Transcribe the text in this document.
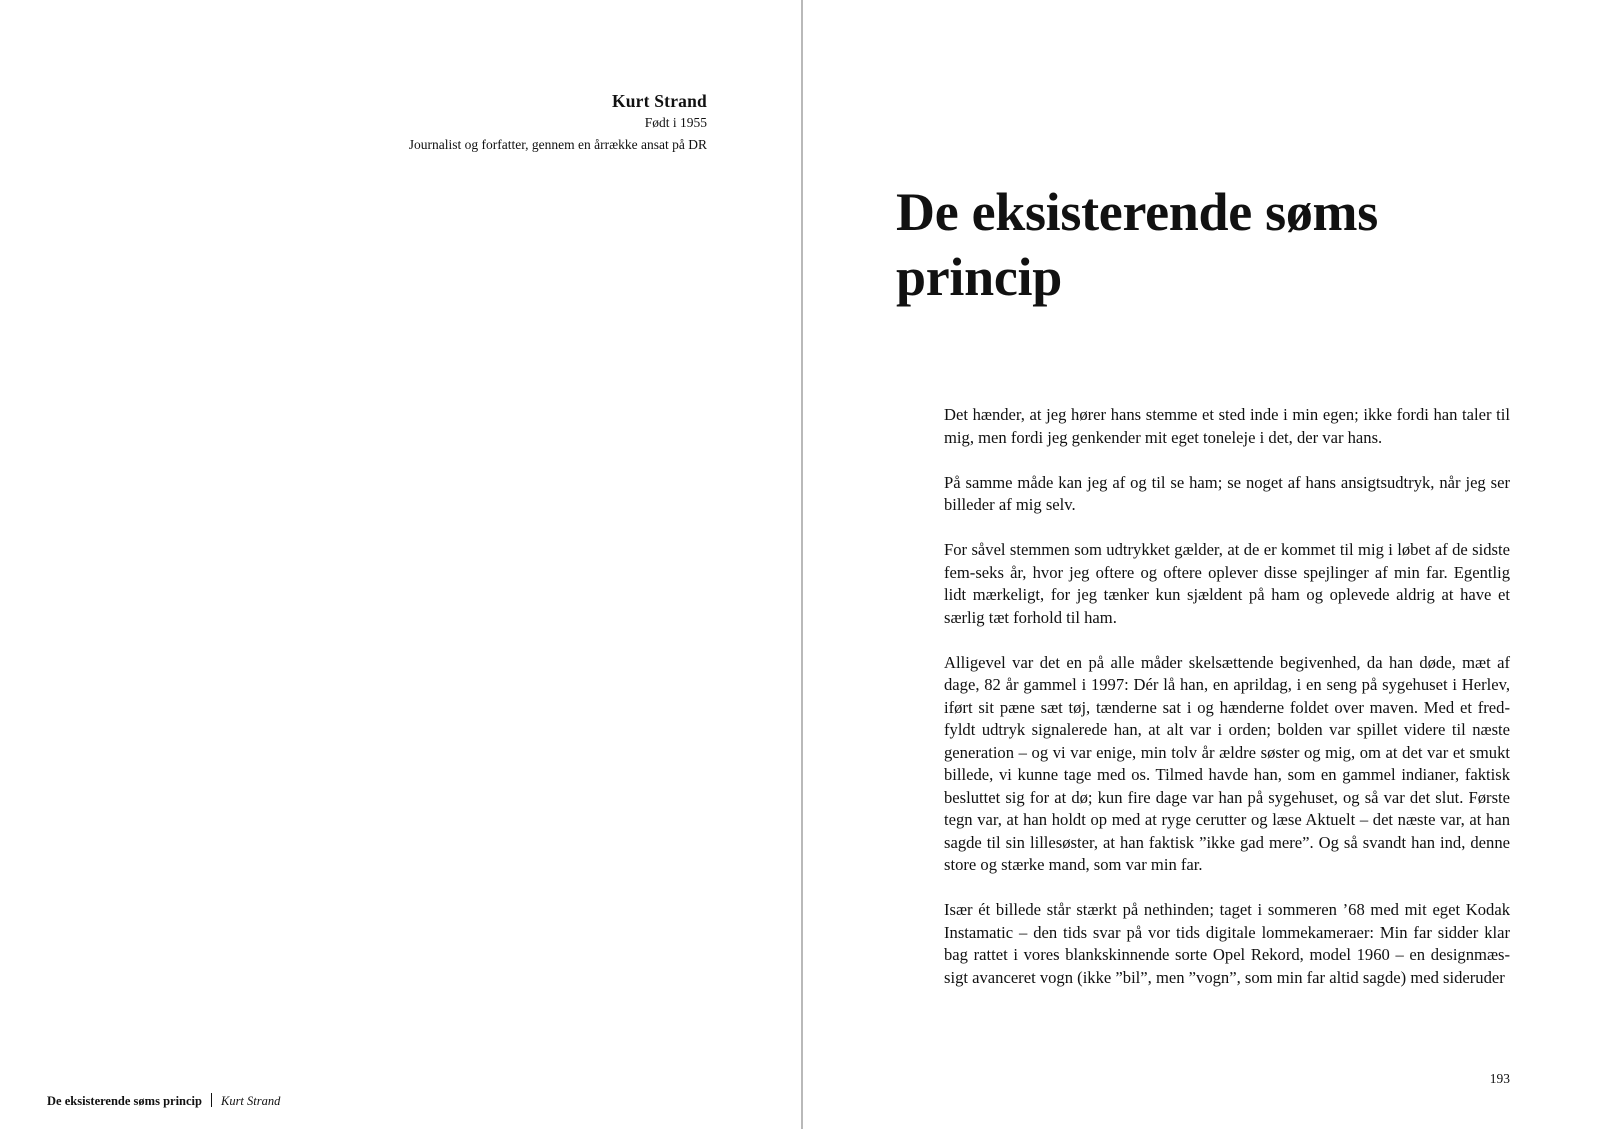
Kurt Strand
Født i 1955
Journalist og forfatter, gennem en årrække ansat på DR
De eksisterende søms princip Kurt Strand
De eksisterende søms
princip

Det hænder, at jeg hører hans stemme et sted inde i min egen; ikke fordi han taler til mig, men fordi jeg genkender mit eget toneleje i det, der var hans.

På samme måde kan jeg af og til se ham; se noget af hans ansigtsudtryk, når jeg ser billeder af mig selv.

For såvel stemmen som udtrykket gælder, at de er kommet til mig i løbet af de sidste fem-seks år, hvor jeg oftere og oftere oplever disse spejlinger af min far. Egentlig lidt mærkeligt, for jeg tænker kun sjældent på ham og oplevede aldrig at have et særlig tæt forhold til ham.

Alligevel var det en på alle måder skelsættende begivenhed, da han døde, mæt af dage, 82 år gammel i 1997: Dér lå han, en aprildag, i en seng på sygehuset i Herlev, iført sit pæne sæt tøj, tænderne sat i og hænderne foldet over maven. Med et fredfyldt udtryk signalerede han, at alt var i orden; bolden var spillet videre til næste generation – og vi var enige, min tolv år ældre søster og mig, om at det var et smukt billede, vi kunne tage med os. Tilmed havde han, som en gammel indianer, faktisk besluttet sig for at dø; kun fire dage var han på sygehuset, og så var det slut. Første tegn var, at han holdt op med at ryge cerutter og læse Aktuelt – det næste var, at han sagde til sin lillesøster, at han faktisk ”ikke gad mere”. Og så svandt han ind, denne store og stærke mand, som var min far.

Især ét billede står stærkt på nethinden; taget i sommeren ’68 med mit eget Kodak Instamatic – den tids svar på vor tids digitale lommekameraer: Min far sidder klar bag rattet i vores blankskinnende sorte Opel Rekord, model 1960 – en designmæssigt avanceret vogn (ikke ”bil”, men ”vogn”, som min far altid sagde) med sideruder

193
